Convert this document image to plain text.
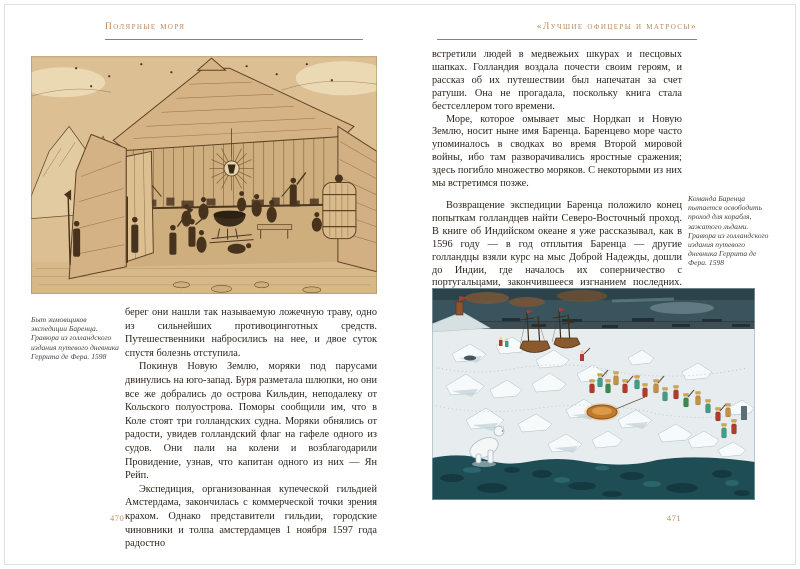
Полярные моря
Быт зимовщиков экспедиции Баренца. Гравюра из голландского издания путевого дневника Геррита де Фера. 1598

берег они нашли так называемую ложечную траву, одно из сильнейших противоцинготных средств. Путешественники набросились на нее, и двое суток спустя болезнь отступила.

Покинув Новую Землю, моряки под парусами двинулись на юго-запад. Буря разметала шлюпки, но они все же добрались до острова Кильдин, неподалеку от Кольского полуострова. Поморы сообщили им, что в Коле стоят три голландских судна. Моряки обнялись от радости, увидев голландский флаг на гафеле одного из судов. Они пали на колени и возблагодарили Провидение, узнав, что капитан одного из них — Ян Рейп.

Экспедиция, организованная купеческой гильдией Амстердама, закончилась с коммерческой точки зрения крахом. Однако представители гильдии, городские чиновники и толпа амстердамцев 1 ноября 1597 года радостно

470
«Лучшие офицеры и матросы»

встретили людей в медвежьих шкурах и песцовых шапках. Голландия воздала почести своим героям, и рассказ об их путешествии был напечатан за счет ратуши. Она не прогадала, поскольку книга стала бестселлером того времени.

Море, которое омывает мыс Нордкап и Новую Землю, носит ныне имя Баренца. Баренцево море часто упоминалось в сводках во время Второй мировой войны, ибо там разворачивались яростные сражения; здесь погибло множество моряков. С некоторыми из них мы встретимся позже.

Возвращение экспедиции Баренца положило конец попыткам голландцев найти Северо-Восточный проход. В книге об Индийском океане я уже рассказывал, как в 1596 году — в год отплытия Баренца — другие голландцы взяли курс на мыс Доброй Надежды, дошли до Индии, где началось их соперничество с португальцами, закончившееся изгнанием последних.

Команда Баренца пытается освободить проход для корабля, зажатого льдами. Гравюра из голландского издания путевого дневника Геррита де Фера. 1598
471
